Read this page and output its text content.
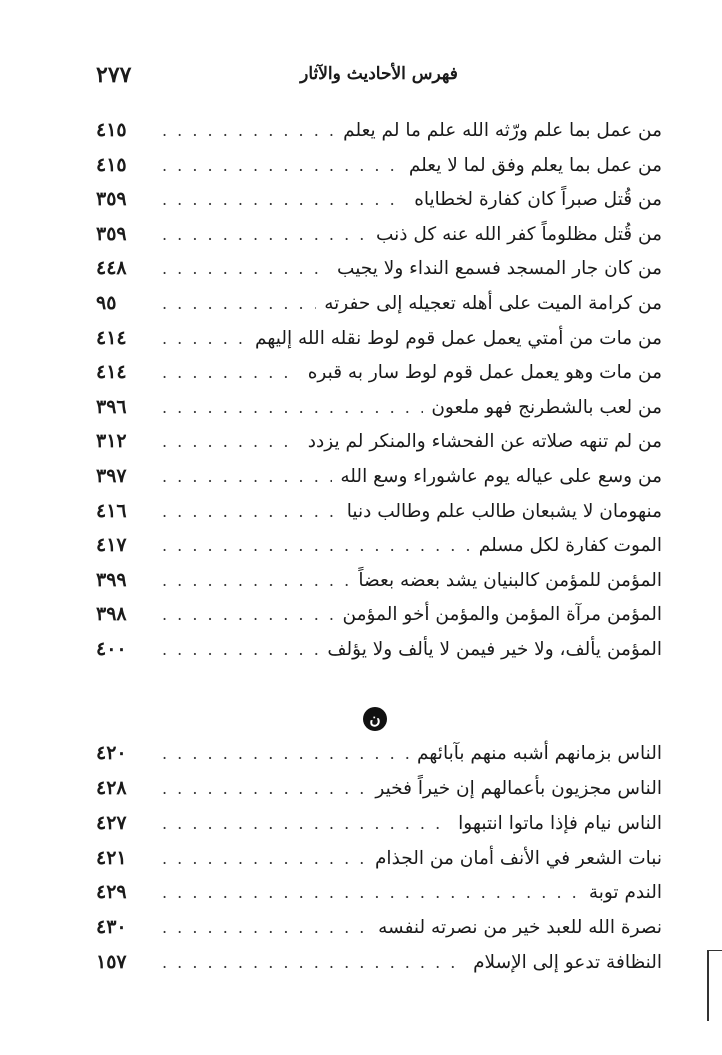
٢٧٧	فهرس الأحاديث والآثار
من عمل بما علم ورّثه الله علم ما لم يعلم
. . .
٤١٥
من عمل بما يعلم وفق لما لا يعلم
. . .
٤١٥
من قُتل صبراً كان كفارة لخطاياه
. . .
٣٥٩
من قُتل مظلوماً كفر الله عنه كل ذنب
. . .
٣٥٩
من كان جار المسجد فسمع النداء ولا يجيب
. . .
٤٤٨
من كرامة الميت على أهله تعجيله إلى حفرته
. . .
٩٥
من مات من أمتي يعمل عمل قوم لوط نقله الله إليهم
. . .
٤١٤
من مات وهو يعمل عمل قوم لوط سار به قبره
. . .
٤١٤
من لعب بالشطرنج فهو ملعون
. . .
٣٩٦
من لم تنهه صلاته عن الفحشاء والمنكر لم يزدد
. . .
٣١٢
من وسع على عياله يوم عاشوراء وسع الله
. . .
٣٩٧
منهومان لا يشبعان طالب علم وطالب دنيا
. . .
٤١٦
الموت كفارة لكل مسلم
. . .
٤١٧
المؤمن للمؤمن كالبنيان يشد بعضه بعضاً
. . .
٣٩٩
المؤمن مرآة المؤمن والمؤمن أخو المؤمن
. . .
٣٩٨
المؤمن يألف، ولا خير فيمن لا يألف ولا يؤلف
. . .
٤٠٠
ن
الناس بزمانهم أشبه منهم بآبائهم
. . .
٤٢٠
الناس مجزيون بأعمالهم إن خيراً فخير
. . .
٤٢٨
الناس نيام فإذا ماتوا انتبهوا
. . .
٤٢٧
نبات الشعر في الأنف أمان من الجذام
. . .
٤٢١
الندم توبة
. . .
٤٢٩
نصرة الله للعبد خير من نصرته لنفسه
. . .
٤٣٠
النظافة تدعو إلى الإسلام
. . .
١٥٧
